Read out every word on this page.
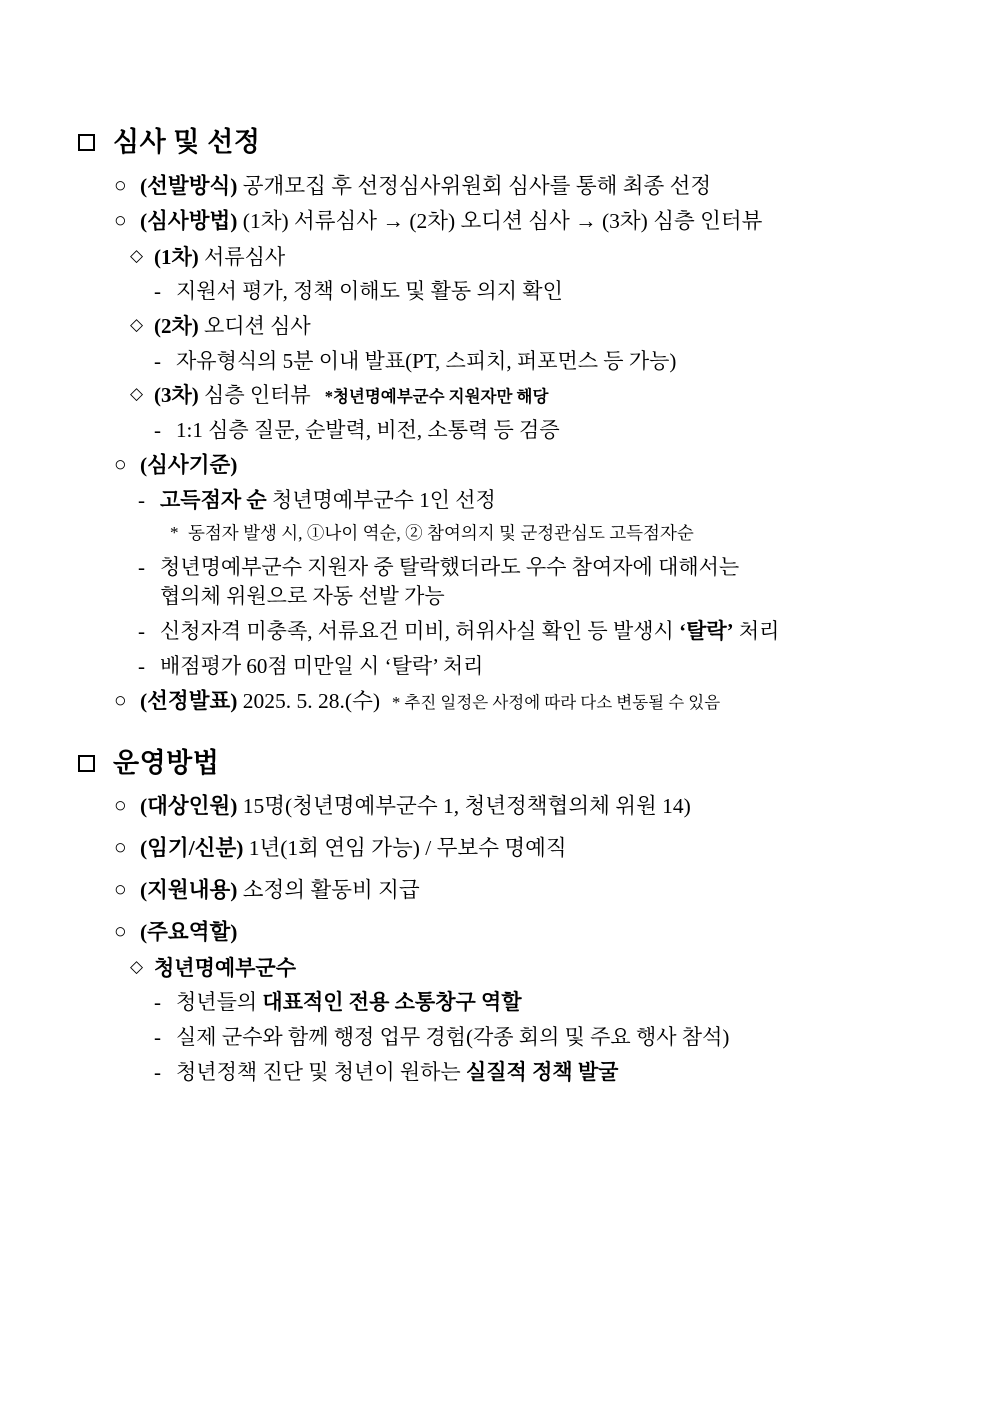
심사 및 선정
○ (선발방식) 공개모집 후 선정심사위원회 심사를 통해 최종 선정
○ (심사방법) (1차) 서류심사 → (2차) 오디션 심사 → (3차) 심층 인터뷰
◇ (1차) 서류심사
- 지원서 평가, 정책 이해도 및 활동 의지 확인
◇ (2차) 오디션 심사
- 자유형식의 5분 이내 발표(PT, 스피치, 퍼포먼스 등 가능)
◇ (3차) 심층 인터뷰 *청년명예부군수 지원자만 해당
- 1:1 심층 질문, 순발력, 비전, 소통력 등 검증
○ (심사기준)
- 고득점자 순 청년명예부군수 1인 선정
* 동점자 발생 시, ①나이 역순, ② 참여의지 및 군정관심도 고득점자순
- 청년명예부군수 지원자 중 탈락했더라도 우수 참여자에 대해서는
협의체 위원으로 자동 선발 가능
- 신청자격 미충족, 서류요건 미비, 허위사실 확인 등 발생시 ‘탈락’ 처리
- 배점평가 60점 미만일 시 ‘탈락’ 처리
○ (선정발표) 2025. 5. 28.(수) * 추진 일정은 사정에 따라 다소 변동될 수 있음
운영방법
○ (대상인원) 15명(청년명예부군수 1, 청년정책협의체 위원 14)
○ (임기/신분) 1년(1회 연임 가능) / 무보수 명예직
○ (지원내용) 소정의 활동비 지급
○ (주요역할)
◇ 청년명예부군수
- 청년들의 대표적인 전용 소통창구 역할
- 실제 군수와 함께 행정 업무 경험(각종 회의 및 주요 행사 참석)
- 청년정책 진단 및 청년이 원하는 실질적 정책 발굴
